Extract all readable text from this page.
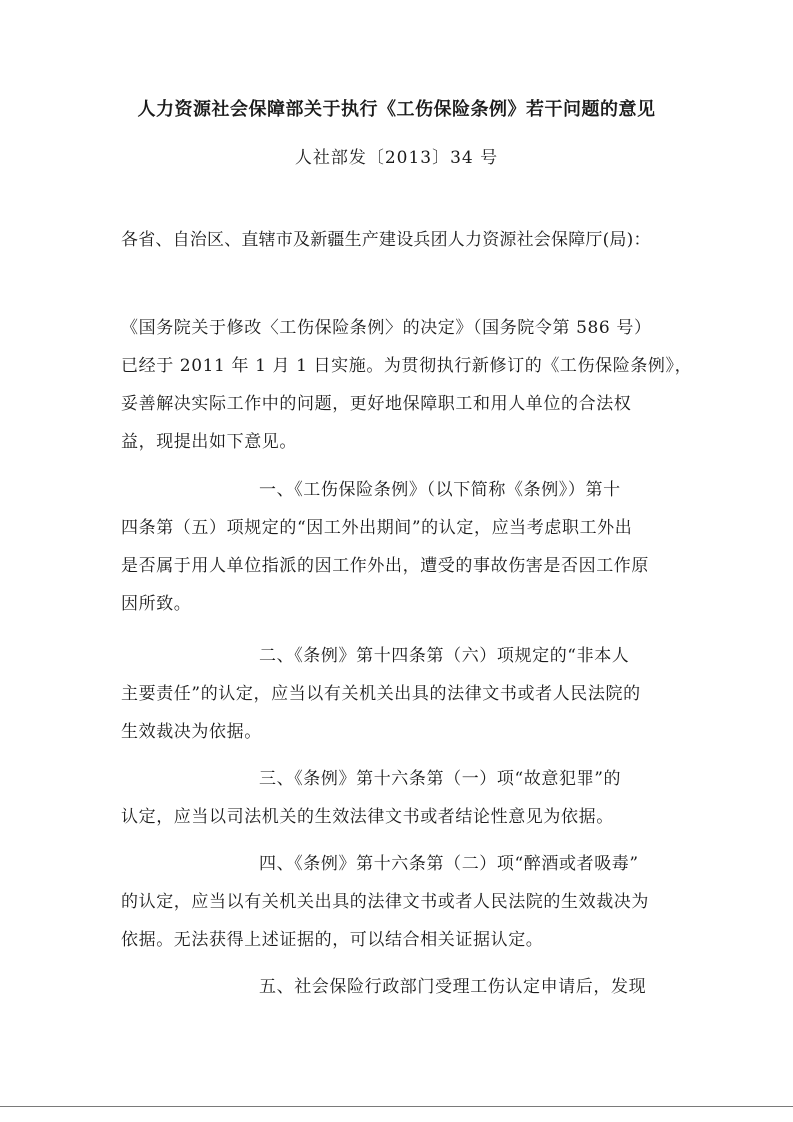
人力资源社会保障部关于执行《工伤保险条例》若干问题的意见
人社部发〔2013〕34 号
各省、自治区、直辖市及新疆生产建设兵团人力资源社会保障厅(局)：

《国务院关于修改〈工伤保险条例〉的决定》（国务院令第 586 号）
已经于 2011 年 1 月 1 日实施。为贯彻执行新修订的《工伤保险条例》，
妥善解决实际工作中的问题，更好地保障职工和用人单位的合法权
益，现提出如下意见。

一、《工伤保险条例》（以下简称《条例》）第十
四条第（五）项规定的“因工外出期间”的认定，应当考虑职工外出
是否属于用人单位指派的因工作外出，遭受的事故伤害是否因工作原
因所致。

二、《条例》第十四条第（六）项规定的“非本人
主要责任”的认定，应当以有关机关出具的法律文书或者人民法院的
生效裁决为依据。

三、《条例》第十六条第（一）项“故意犯罪”的
认定，应当以司法机关的生效法律文书或者结论性意见为依据。

四、《条例》第十六条第（二）项“醉酒或者吸毒”
的认定，应当以有关机关出具的法律文书或者人民法院的生效裁决为
依据。无法获得上述证据的，可以结合相关证据认定。

五、社会保险行政部门受理工伤认定申请后，发现
